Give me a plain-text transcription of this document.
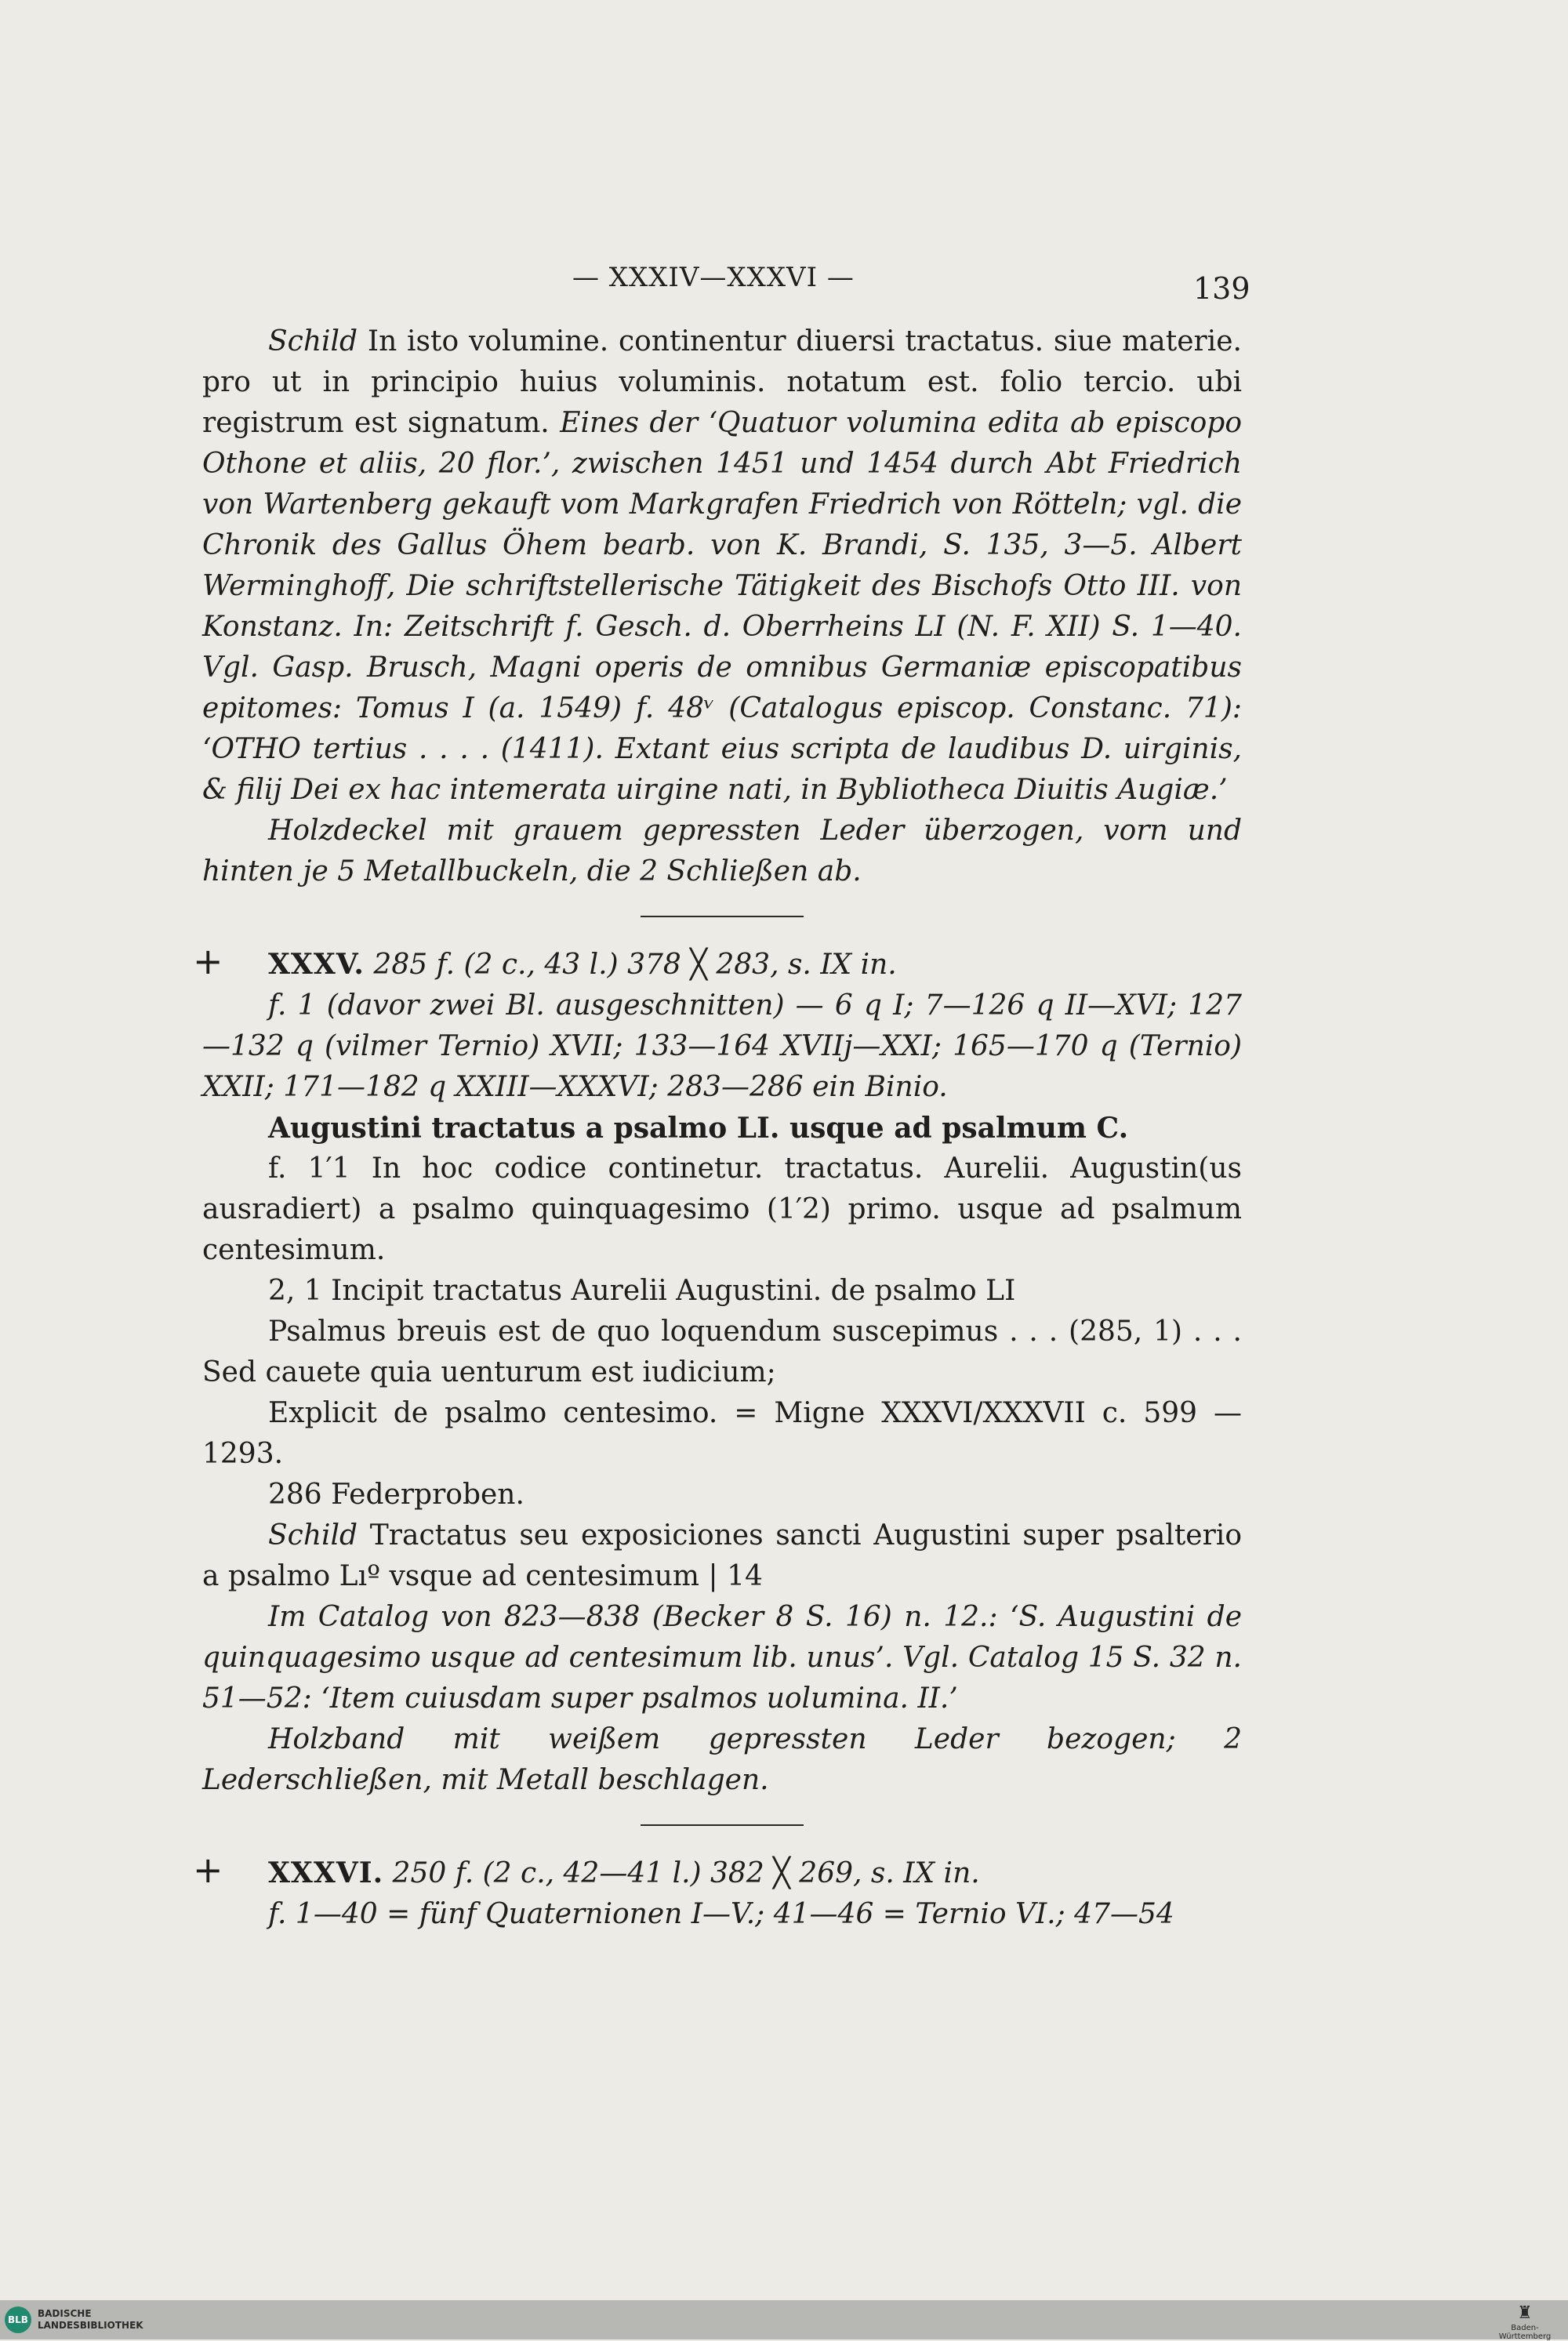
— XXXIV—XXXVI —	139

Schild In isto volumine. continentur diuersi tractatus. siue materie. pro ut in principio huius voluminis. notatum est. folio tercio. ubi registrum est signatum. Eines der ‘Quatuor volumina edita ab episcopo Othone et aliis, 20 flor.’, zwischen 1451 und 1454 durch Abt Friedrich von Wartenberg gekauft vom Markgrafen Friedrich von Rötteln; vgl. die Chronik des Gallus Öhem bearb. von K. Brandi, S. 135, 3—5. Albert Werminghoff, Die schriftstellerische Tätigkeit des Bischofs Otto III. von Konstanz. In: Zeitschrift f. Gesch. d. Oberrheins LI (N. F. XII) S. 1—40. Vgl. Gasp. Brusch, Magni operis de omnibus Germaniæ episcopatibus epitomes: Tomus I (a. 1549) f. 48ᵛ (Catalogus episcop. Constanc. 71): ‘OTHO tertius . . . . (1411). Extant eius scripta de laudibus D. uirginis, & filij Dei ex hac intemerata uirgine nati, in Bybliotheca Diuitis Augiæ.’

Holzdeckel mit grauem gepressten Leder überzogen, vorn und hinten je 5 Metallbuckeln, die 2 Schließen ab.

+ XXXV. 285 f. (2 c., 43 l.) 378 ╳ 283, s. IX in.

f. 1 (davor zwei Bl. ausgeschnitten) — 6 q I; 7—126 q II—XVI; 127—132 q (vilmer Ternio) XVII; 133—164 XVIIj—XXI; 165—170 q (Ternio) XXII; 171—182 q XXIII—XXXVI; 283—286 ein Binio.

Augustini tractatus a psalmo LI. usque ad psalmum C.

f. 1′1 In hoc codice continetur. tractatus. Aurelii. Augustin(us ausradiert) a psalmo quinquagesimo (1′2) primo. usque ad psalmum centesimum.

2, 1 Incipit tractatus Aurelii Augustini. de psalmo LI

Psalmus breuis est de quo loquendum suscepimus . . . (285, 1) . . . Sed cauete quia uenturum est iudicium;

Explicit de psalmo centesimo. = Migne XXXVI/XXXVII c. 599 —1293.

286 Federproben.

Schild Tractatus seu exposiciones sancti Augustini super psalterio a psalmo Lıº vsque ad centesimum | 14

Im Catalog von 823—838 (Becker 8 S. 16) n. 12.: ‘S. Augustini de quinquagesimo usque ad centesimum lib. unus’. Vgl. Catalog 15 S. 32 n. 51—52: ‘Item cuiusdam super psalmos uolumina. II.’

Holzband mit weißem gepressten Leder bezogen; 2 Lederschließen, mit Metall beschlagen.

+ XXXVI. 250 f. (2 c., 42—41 l.) 382 ╳ 269, s. IX in.

f. 1—40 = fünf Quaternionen I—V.; 41—46 = Ternio VI.; 47—54

BLB
BADISCHE
LANDESBIBLIOTHEK
♜
Baden-Württemberg
